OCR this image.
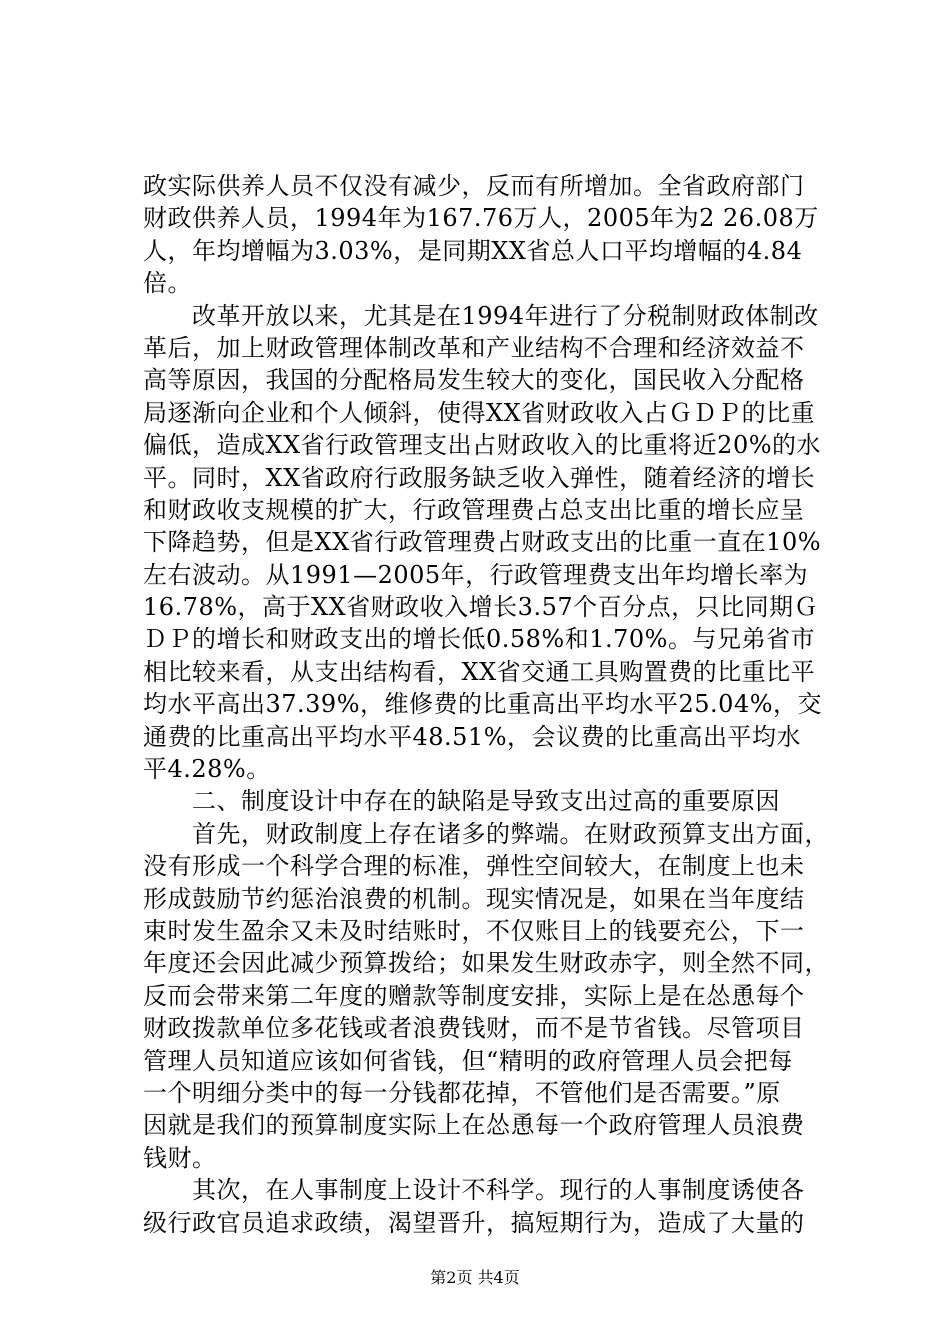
政实际供养人员不仅没有减少，反而有所增加。全省政府部门
财政供养人员，1994年为167.76万人，2005年为2 26.08万
人，年均增幅为3.03%，是同期XX省总人口平均增幅的4.84
倍。
　　改革开放以来，尤其是在1994年进行了分税制财政体制改
革后，加上财政管理体制改革和产业结构不合理和经济效益不
高等原因，我国的分配格局发生较大的变化，国民收入分配格
局逐渐向企业和个人倾斜，使得XX省财政收入占ＧＤＰ的比重
偏低，造成XX省行政管理支出占财政收入的比重将近20%的水
平。同时，XX省政府行政服务缺乏收入弹性，随着经济的增长
和财政收支规模的扩大，行政管理费占总支出比重的增长应呈
下降趋势，但是XX省行政管理费占财政支出的比重一直在10%
左右波动。从1991—2005年，行政管理费支出年均增长率为
16.78%，高于XX省财政收入增长3.57个百分点，只比同期Ｇ
ＤＰ的增长和财政支出的增长低0.58%和1.70%。与兄弟省市
相比较来看，从支出结构看，XX省交通工具购置费的比重比平
均水平高出37.39%，维修费的比重高出平均水平25.04%，交
通费的比重高出平均水平48.51%，会议费的比重高出平均水
平4.28%。
　　二、制度设计中存在的缺陷是导致支出过高的重要原因
　　首先，财政制度上存在诸多的弊端。在财政预算支出方面，
没有形成一个科学合理的标准，弹性空间较大，在制度上也未
形成鼓励节约惩治浪费的机制。现实情况是，如果在当年度结
束时发生盈余又未及时结账时，不仅账目上的钱要充公，下一
年度还会因此减少预算拨给；如果发生财政赤字，则全然不同，
反而会带来第二年度的赠款等制度安排，实际上是在怂恿每个
财政拨款单位多花钱或者浪费钱财，而不是节省钱。尽管项目
管理人员知道应该如何省钱，但“精明的政府管理人员会把每
一个明细分类中的每一分钱都花掉，不管他们是否需要。”原
因就是我们的预算制度实际上在怂恿每一个政府管理人员浪费
钱财。
　　其次，在人事制度上设计不科学。现行的人事制度诱使各
级行政官员追求政绩，渴望晋升，搞短期行为，造成了大量的
第2页 共4页
